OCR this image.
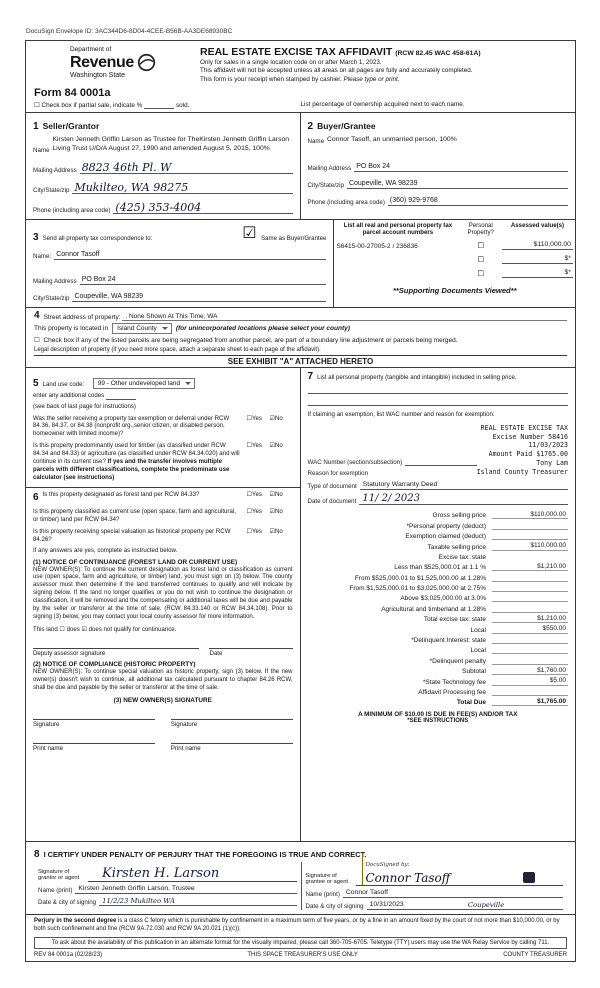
DocuSign Envelope ID: 3AC344D6-8D04-4CEE-B56B-AA3DE68930BC
Department of
Revenue
Washington State
REAL ESTATE EXCISE TAX AFFIDAVIT (RCW 82.45 WAC 458-61A)
Only for sales in a single location code on or after March 1, 2023.
This affidavit will not be accepted unless all areas on all pages are fully and accurately completed.
This form is your receipt when stamped by cashier. Please type or print.
Form 84 0001a
☐ Check box if partial sale, indicate %	sold.	List percentage of ownership acquired next to each name.
1 Seller/Grantor
Name
Kirsten Jenneth Griffin Larson as Trustee for TheKirsten Jenneth Griffin Larson Living Trust U/D/A August 27, 1990 and amended August 5, 2015, 100%
Mailing Address 8823 46th Pl. W
City/State/zip Mukilteo, WA 98275
Phone (including area code) (425) 353-4004
2 Buyer/Grantee
Name Connor Tasoff, an unmarried person, 100%
Mailing Address PO Box 24
City/State/zip Coupeville, WA 98239
Phone (including area code) (360) 929-9768
3 Send all property tax correspondence to:	☑
Same as Buyer/Grantee
Name: Connor Tasoff
Mailing Address PO Box 24
City/State/zip Coupeville, WA 98239
List all real and personal property tax parcel account numbers
Personal Property?
Assessed value(s)
S6415-00-27005-2 / 236836	☐	$110,000.00
☐	$*
☐	$*
**Supporting Documents Viewed**
4 Street address of property:
. None Shown At This Time, WA
This property is located in Island County	(for unincorporated locations please select your county)
☐ Check box if any of the listed parcels are being segregated from another parcel, are part of a boundary line adjustment or parcels being merged.
Legal description of property (if you need more space, attach a separate sheet to each page of the affidavit).
SEE EXHIBIT "A" ATTACHED HERETO
5 Land use code:
	99 - Other undeveloped land
enter any additional codes
(see back of last page for instructions)
Was the seller receiving a property tax exemption or deferral under RCW 84.36, 84.37, or 84.38 (nonprofit org.,senior citizen, or disabled person, homeowner with limited income)?
☐Yes	☑No
Is this property predominantly used for timber (as classified under RCW 84.34 and 84.33) or agriculture (as classified under RCW 84.34.020) and will continue in its current use? If yes and the transfer involves multiple parcels with different classifications, complete the predominate use calculator (see instructions)
☐Yes	☑No
6 Is this property designated as forest land per RCW 84.33?	☐Yes	☑No
Is this property classified as current use (open space, farm and agricultural, or timber) land per RCW 84.34?
☐Yes	☑No
Is this property receiving special valuation as historical property per RCW 84.26?
☐Yes	☑No
If any answers are yes, complete as instructed below.
(1) NOTICE OF CONTINUANCE (FOREST LAND OR CURRENT USE)
NEW OWNER(S): To continue the current designation as forest land or classification as current use (open space, farm and agriculture, or timber) land, you must sign on (3) below. The county assessor must then determine if the land transferred continues to qualify and will indicate by signing below. If the land no longer qualifies or you do not wish to continue the designation or classification, it will be removed and the compensating or additional taxes will be due and payable by the seller or transferor at the time of sale. (RCW 84.33.140 or RCW 84.34.108). Prior to signing (3) below, you may contact your local county assessor for more information.
This land ☐ does ☑ does not qualify for continuance.
Deputy assessor signature	Date
(2) NOTICE OF COMPLIANCE (HISTORIC PROPERTY)
NEW OWNER(S): To continue special valuation as historic property, sign (3) below. If the new owner(s) doesn't wish to continue, all additional tax calculated pursuant to chapter 84.26 RCW, shall be due and payable by the seller or transferor at the time of sale.
(3) NEW OWNER(S) SIGNATURE
Signature	Signature
Print name	Print name
7 List all personal property (tangible and intangible) included in selling price.
If claiming an exemption, list WAC number and reason for exemption:
WAC Number (section/subsection)
Reason for exemption
REAL ESTATE EXCISE TAX
Excise Number 58416
11/03/2023
Amount Paid $1765.00
Tony Lam
Island County Treasurer
Type of document Statutory Warranty Deed
Date of document 11/ 2/ 2023
Gross selling price	$110,000.00
*Personal property (deduct)
Exemption claimed (deduct)
Taxable selling price	$110,000.00
Excise tax: state
Less than $525,000.01 at 1.1 %	$1,210.00
From $525,000.01 to $1,525,000.00 at 1.28%
From $1,525,000.01 to $3,025,000.00 at 2.75%
Above $3,025,000.00 at 3.0%
Agricultural and timberland at 1.28%
Total excise tax: state	$1,210.00
Local	$550.00
*Delinquent Interest: state
Local
*Delinquent penalty
Subtotal	$1,760.00
*State Technology fee	$5.00
Affidavit Processing fee
Total Due	$1,765.00
A MINIMUM OF $10.00 IS DUE IN FEE(S) AND/OR TAX
*SEE INSTRUCTIONS
8 I CERTIFY UNDER PENALTY OF PERJURY THAT THE FOREGOING IS TRUE AND CORRECT.
Signature of
grantor or agent	Kirsten H. Larson
Name (print) Kirsten Jenneth Griffin Larson, Trustee
Date & city of signing 11/2/23 Mukilteo WA
Signature of
grantee or agent
DocuSigned by:
Connor Tasoff
Name (print) Connor Tasoff
Date & city of signing 10/31/2023	Coupeville
Perjury in the second degree is a class C felony which is punishable by confinement in a maximum term of five years, or by a fine in an amount fixed by the court of not more than $10,000.00, or by both such confinement and fine (RCW 9A.72.030 and RCW 9A.20.021 (1)(c)).
To ask about the availability of this publication in an alternate format for the visually impaired, please call 360-705-6705. Teletype (TTY) users may use the WA Relay Service by calling 711.
REV 84 0001a (02/28/23)	THIS SPACE TREASURER'S USE ONLY	COUNTY TREASURER
